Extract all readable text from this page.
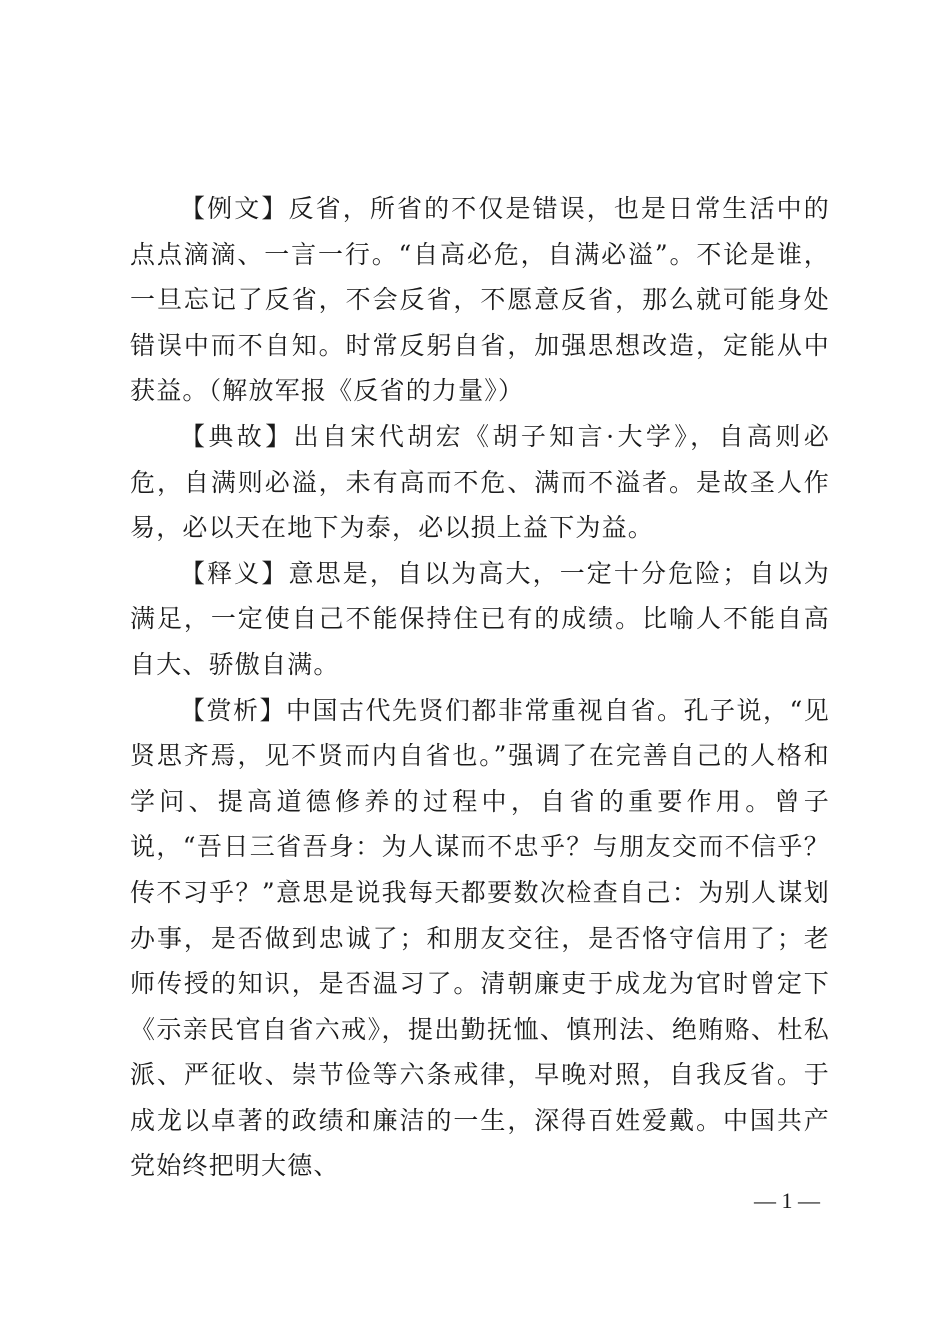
【例文】反省，所省的不仅是错误，也是日常生活中的点点滴滴、一言一行。“自高必危，自满必溢”。不论是谁，一旦忘记了反省，不会反省，不愿意反省，那么就可能身处错误中而不自知。时常反躬自省，加强思想改造，定能从中获益。（解放军报《反省的力量》）

【典故】出自宋代胡宏《胡子知言·大学》，自高则必危，自满则必溢，未有高而不危、满而不溢者。是故圣人作易，必以天在地下为泰，必以损上益下为益。

【释义】意思是，自以为高大，一定十分危险；自以为满足，一定使自己不能保持住已有的成绩。比喻人不能自高自大、骄傲自满。

【赏析】中国古代先贤们都非常重视自省。孔子说，“见贤思齐焉，见不贤而内自省也。”强调了在完善自己的人格和学问、提高道德修养的过程中，自省的重要作用。曾子说，“吾日三省吾身：为人谋而不忠乎？与朋友交而不信乎？传不习乎？”意思是说我每天都要数次检查自己：为别人谋划办事，是否做到忠诚了；和朋友交往，是否恪守信用了；老师传授的知识，是否温习了。清朝廉吏于成龙为官时曾定下《示亲民官自省六戒》，提出勤抚恤、慎刑法、绝贿赂、杜私派、严征收、崇节俭等六条戒律，早晚对照，自我反省。于成龙以卓著的政绩和廉洁的一生，深得百姓爱戴。中国共产党始终把明大德、

— 1 —
